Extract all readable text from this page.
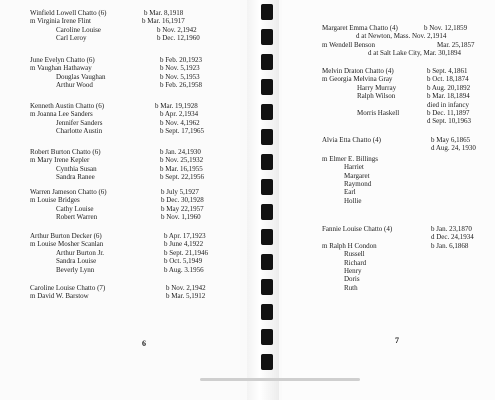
Winfield Lowell Chatto (6)	b Mar. 8,1918
m Virginia Irene Flint	b Mar. 16,1917
Caroline Louise	b Nov. 2,1942
Carl Leroy	b Dec. 12,1960
June Evelyn Chatto (6)	b Feb. 20,1923
m Vaughan Hathaway	b Nov. 5,1923
Douglas Vaughan	b Nov. 5,1953
Arthur Wood	b Feb. 26,1958
Kenneth Austin Chatto (6)	b Mar. 19,1928
m Joanna Lee Sanders	b Apr. 2,1934
Jennifer Sanders	b Nov. 4,1962
Charlotte Austin	b Sept. 17,1965
Robert Burton Chatto (6)	b Jan. 24,1930
m Mary Irene Kepler	b Nov. 25,1932
Cynthia Susan	b Mar. 16,1955
Sandra Ranee	b Sept. 22,1956
Warren Jameson Chatto (6)	b July 5,1927
m Louise Bridges	b Dec. 30,1928
Cathy Louise	b May 22,1957
Robert Warren	b Nov. 1,1960
Arthur Burton Decker (6)	b Apr. 17,1923
m Louise Mosher Scanlan	b June 4,1922
Arthur Burton Jr.	b Sept. 21,1946
Sandra Louise	b Oct. 5,1949
Beverly Lynn	b Aug. 3.1956
Caroline Louise Chatto (7)	b Nov. 2,1942
m David W. Barstow	b Mar. 5,1912
6
Margaret Emma Chatto (4)	b Nov. 12,1859
d at Newton, Mass. Nov. 2,1914
m Wendell Benson	Mar. 25,1857
d at Salt Lake City, Mar. 30,1894
Melvin Draton Chatto (4)	b Sept. 4,1861
m Georgia Melvina Gray	b Oct. 18,1874
Harry Murray	b Aug. 20,1892
Ralph Wilson	b Mar. 18,1894
died in infancy
Morris Haskell	b Dec. 11,1897
d Sept. 10,1963
Alvia Etta Chatto (4)	b May 6,1865
d Aug. 24, 1930
m Elmer E. Billings
Harriet
Margaret
Raymond
Earl
Hollie
Fannie Louise Chatto (4)	b Jan. 23,1870
d Dec. 24,1934
m Ralph H Condon	b Jan. 6,1868
Russell
Richard
Henry
Doris
Ruth
7
